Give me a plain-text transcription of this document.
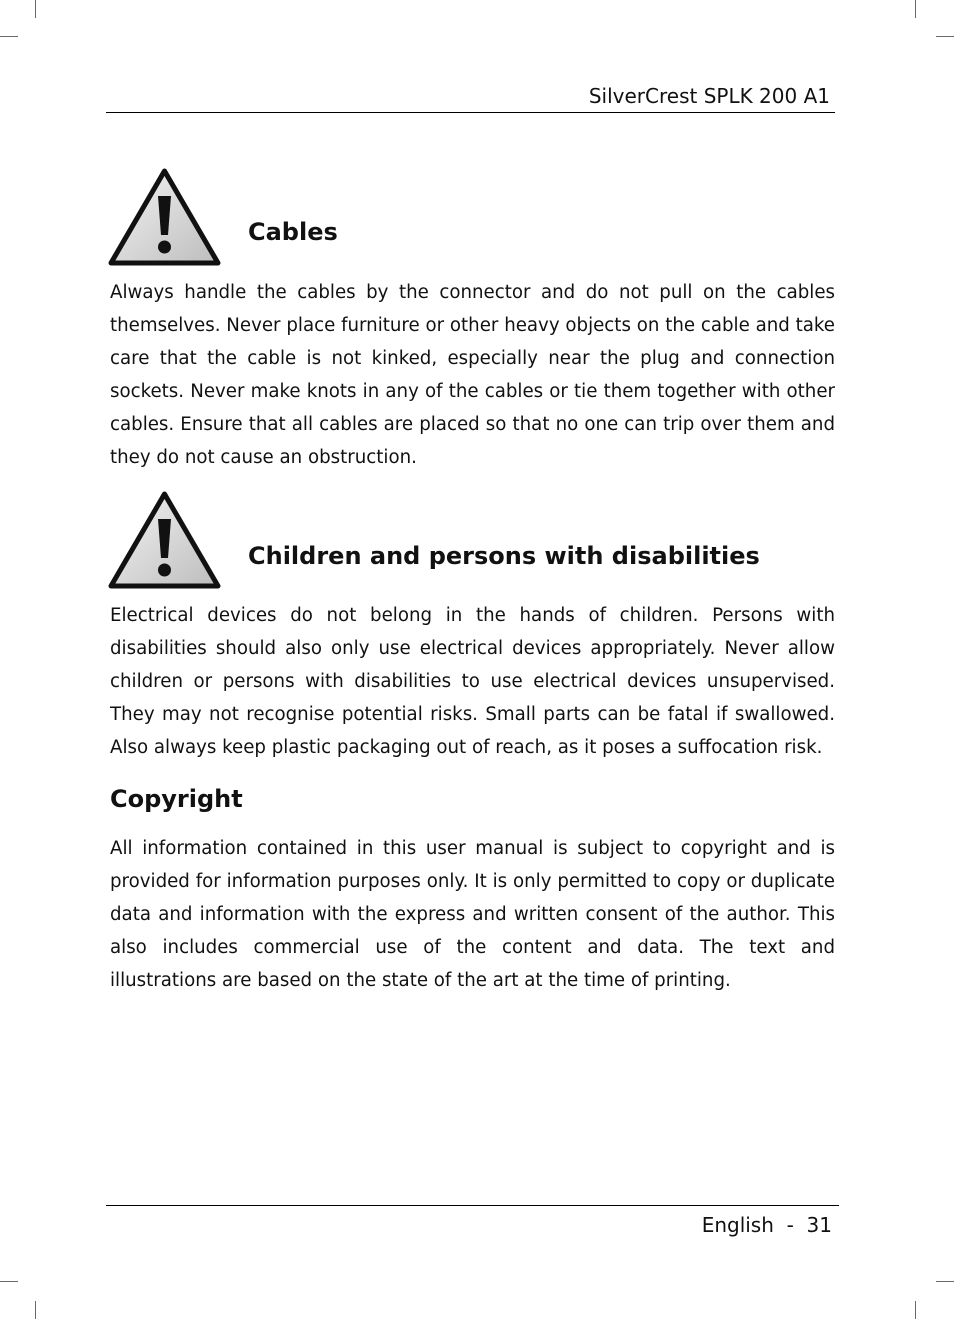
SilverCrest SPLK 200 A1
Cables
Always handle the cables by the connector and do not pull on the cables themselves. Never place furniture or other heavy objects on the cable and take care that the cable is not kinked, especially near the plug and connection sockets. Never make knots in any of the cables or tie them together with other cables. Ensure that all cables are placed so that no one can trip over them and they do not cause an obstruction.
Children and persons with disabilities
Electrical devices do not belong in the hands of children. Persons with disabilities should also only use electrical devices appropriately. Never allow children or persons with disabilities to use electrical devices unsupervised. They may not recognise potential risks. Small parts can be fatal if swallowed. Also always keep plastic packaging out of reach, as it poses a suffocation risk.
Copyright
All information contained in this user manual is subject to copyright and is provided for information purposes only. It is only permitted to copy or duplicate data and information with the express and written consent of the author. This also includes commercial use of the content and data. The text and illustrations are based on the state of the art at the time of printing.
English  -  31
